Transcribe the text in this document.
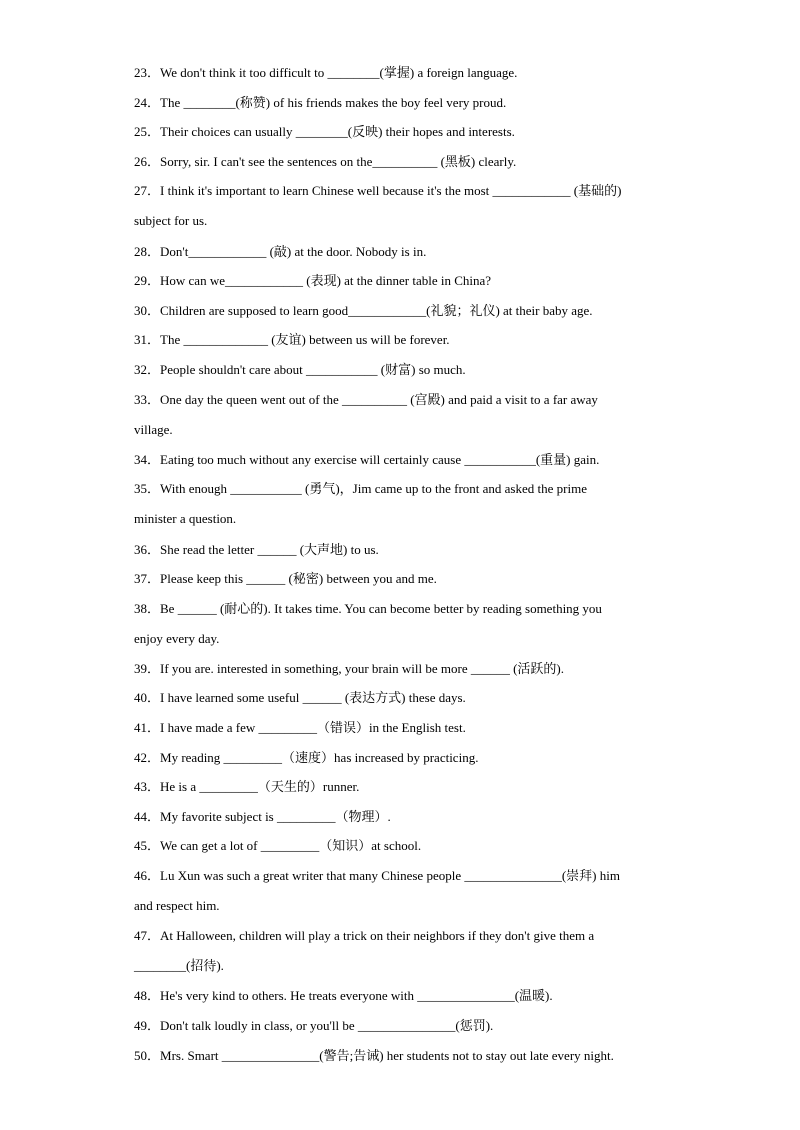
23．We don't think it too difficult to ________(掌握) a foreign language.
24．The ________(称赞) of his friends makes the boy feel very proud.
25．Their choices can usually ________(反映) their hopes and interests.
26．Sorry, sir. I can't see the sentences on the__________ (黑板) clearly.
27．I think it's important to learn Chinese well because it's the most ____________ (基础的)
subject for us.
28．Don't____________ (敲) at the door. Nobody is in.
29．How can we____________ (表现) at the dinner table in China?
30．Children are supposed to learn good____________(礼貌；礼仪) at their baby age.
31．The _____________ (友谊) between us will be forever.
32．People shouldn't care about ___________ (财富) so much.
33．One day the queen went out of the __________ (宫殿) and paid a visit to a far away
village.
34．Eating too much without any exercise will certainly cause ___________(重量) gain.
35．With enough ___________ (勇气)，Jim came up to the front and asked the prime
minister a question.
36．She read the letter ______ (大声地) to us.
37．Please keep this ______ (秘密) between you and me.
38．Be ______ (耐心的). It takes time. You can become better by reading something you
enjoy every day.
39．If you are. interested in something, your brain will be more ______ (活跃的).
40．I have learned some useful ______ (表达方式) these days.
41．I have made a few _________（错误）in the English test.
42．My reading _________（速度）has increased by practicing.
43．He is a _________（天生的）runner.
44．My favorite subject is _________（物理）.
45．We can get a lot of _________（知识）at school.
46．Lu Xun was such a great writer that many Chinese people _______________(崇拜) him
and respect him.
47．At Halloween, children will play a trick on their neighbors if they don't give them a
________(招待).
48．He's very kind to others. He treats everyone with _______________(温暖).
49．Don't talk loudly in class, or you'll be _______________(惩罚).
50．Mrs. Smart _______________(警告;告诫) her students not to stay out late every night.
